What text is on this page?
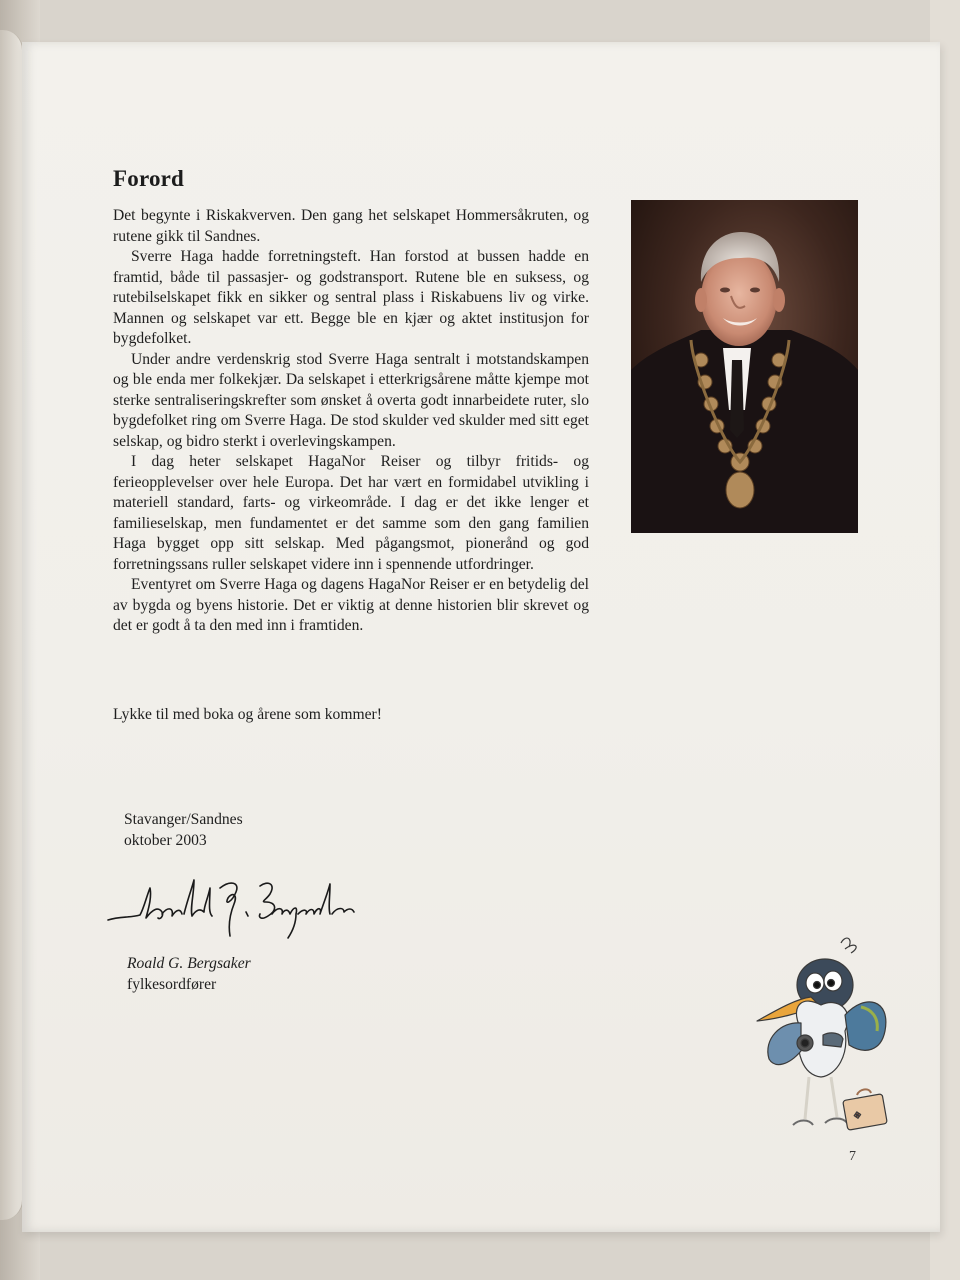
Forord

Det begynte i Riskakverven. Den gang het selskapet Hommersåkruten, og rutene gikk til Sandnes.

Sverre Haga hadde forretningsteft. Han forstod at bussen hadde en framtid, både til passasjer- og godstransport. Rutene ble en suksess, og rutebilselskapet fikk en sikker og sentral plass i Riskabuens liv og virke. Mannen og selskapet var ett. Begge ble en kjær og aktet institusjon for bygdefolket.

Under andre verdenskrig stod Sverre Haga sentralt i motstandskampen og ble enda mer folkekjær. Da selskapet i etterkrigsårene måtte kjempe mot sterke sentraliseringskrefter som ønsket å overta godt innarbeidete ruter, slo bygdefolket ring om Sverre Haga. De stod skulder ved skulder med sitt eget selskap, og bidro sterkt i overlevingskampen.

I dag heter selskapet HagaNor Reiser og tilbyr fritids- og ferieopplevelser over hele Europa. Det har vært en formidabel utvikling i materiell standard, farts- og virkeområde. I dag er det ikke lenger et familieselskap, men fundamentet er det samme som den gang familien Haga bygget opp sitt selskap. Med pågangsmot, pionerånd og god forretningssans ruller selskapet videre inn i spennende utfordringer.

Eventyret om Sverre Haga og dagens HagaNor Reiser er en betydelig del av bygda og byens historie. Det er viktig at denne historien blir skrevet og det er godt å ta den med inn i framtiden.

Lykke til med boka og årene som kommer!

Stavanger/Sandnes
oktober 2003
Roald G. Bergsaker
fylkesordfører
❖
7
